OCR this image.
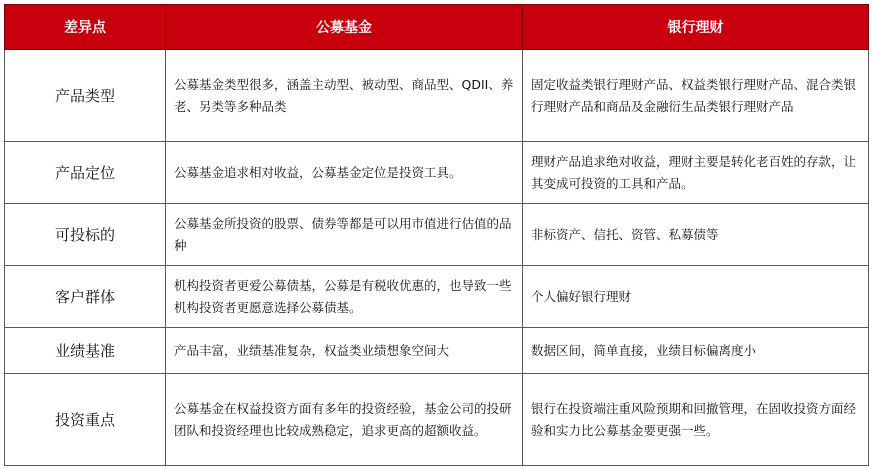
差异点	公募基金	银行理财
产品类型	公募基金类型很多，涵盖主动型、被动型、商品型、QDII、养老、另类等多种品类	固定收益类银行理财产品、权益类银行理财产品、混合类银行理财产品和商品及金融衍生品类银行理财产品
产品定位	公募基金追求相对收益，公募基金定位是投资工具。	理财产品追求绝对收益，理财主要是转化老百姓的存款，让其变成可投资的工具和产品。
可投标的	公募基金所投资的股票、债券等都是可以用市值进行估值的品种	非标资产、信托、资管、私募债等
客户群体	机构投资者更爱公募债基，公募是有税收优惠的，也导致一些机构投资者更愿意选择公募债基。	个人偏好银行理财
业绩基准	产品丰富，业绩基准复杂，权益类业绩想象空间大	数据区间，简单直接，业绩目标偏离度小
投资重点	公募基金在权益投资方面有多年的投资经验，基金公司的投研团队和投资经理也比较成熟稳定，追求更高的超额收益。	银行在投资端注重风险预期和回撤管理，在固收投资方面经验和实力比公募基金要更强一些。
